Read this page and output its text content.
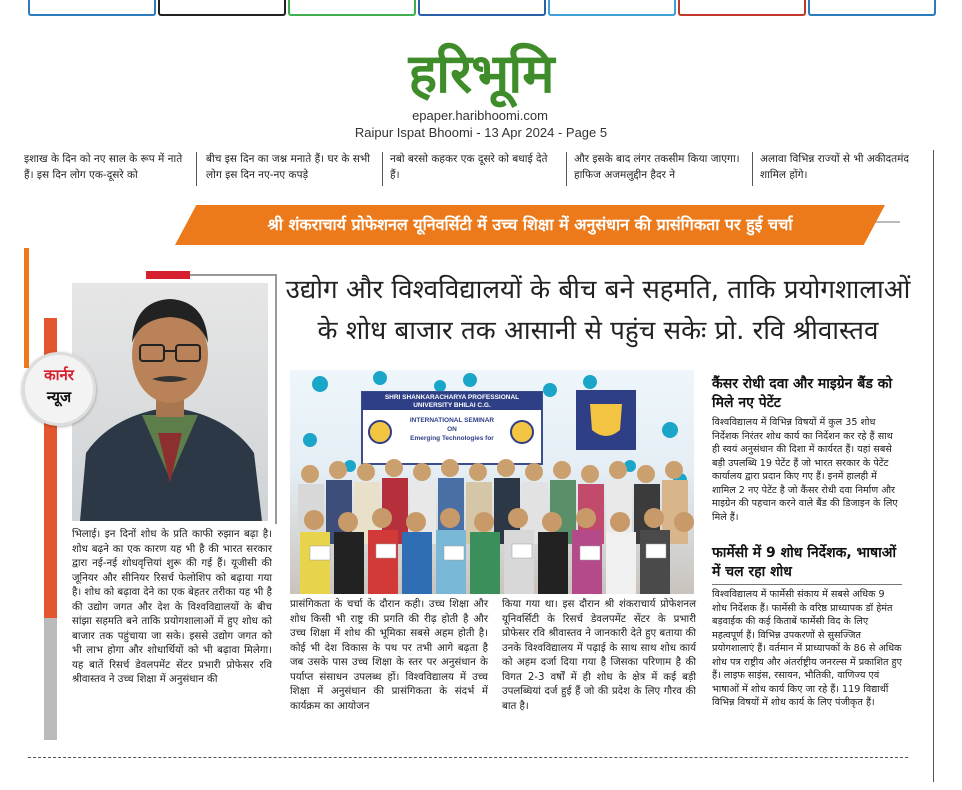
हरिभूमि
epaper.haribhoomi.com
Raipur Ispat Bhoomi - 13 Apr 2024 - Page 5
इशाख के दिन को नए साल के रूप में नाते हैं। इस दिन लोग एक-दूसरे को
बीच इस दिन का जश्न मनाते हैं। घर के सभी लोग इस दिन नए-नए कपड़े
नबो बरसो कहकर एक दूसरे को बधाई देते हैं।
और इसके बाद लंगर तकसीम किया जाएगा। हाफिज अजमलुद्दीन हैदर ने
अलावा विभिन्न राज्यों से भी अकीदतमंद शामिल होंगे।
श्री शंकराचार्य प्रोफेशनल यूनिवर्सिटी में उच्च शिक्षा में अनुसंधान की प्रासंगिकता पर हुई चर्चा
कार्नर
न्यूज
उद्योग और विश्वविद्यालयों के बीच बने सहमति, ताकि प्रयोगशालाओं
के शोध बाजार तक आसानी से पहुंच सकेः प्रो. रवि श्रीवास्तव
SHRI SHANKARACHARYA PROFESSIONAL
UNIVERSITY BHILAI C.G.
INTERNATIONAL SEMINAR
ON
Emerging Technologies for
भिलाई। इन दिनों शोध के प्रति काफी रुझान बढ़ा है। शोध बढ़ने का एक कारण यह भी है की भारत सरकार द्वारा नई-नई शोधवृत्तियां शुरू की गई हैं। यूजीसी की जूनियर और सीनियर रिसर्च फेलोशिप को बढ़ाया गया है। शोध को बढ़ावा देने का एक बेहतर तरीका यह भी है की उद्योग जगत और देश के विश्वविद्यालयों के बीच सांझा सहमति बने ताकि प्रयोगशालाओं में हुए शोध को बाजार तक पहुंचाया जा सके। इससे उद्योग जगत को भी लाभ होगा और शोधार्थियों को भी बढ़ावा मिलेगा। यह बातें रिसर्च डेवलपमेंट सेंटर प्रभारी प्रोफेसर रवि श्रीवास्तव ने उच्च शिक्षा में अनुसंधान की
प्रासंगिकता के चर्चा के दौरान कही। उच्च शिक्षा और शोध किसी भी राष्ट्र की प्रगति की रीढ़ होती है और उच्च शिक्षा में शोध की भूमिका सबसे अहम होती है। कोई भी देश विकास के पथ पर तभी आगे बढ़ता है जब उसके पास उच्च शिक्षा के स्तर पर अनुसंधान के पर्याप्त संसाधन उपलब्ध हों। विश्वविद्यालय में उच्च शिक्षा में अनुसंधान की प्रासंगिकता के संदर्भ में कार्यक्रम का आयोजन
किया गया था। इस दौरान श्री शंकराचार्य प्रोफेशनल यूनिवर्सिटी के रिसर्च डेवलपमेंट सेंटर के प्रभारी प्रोफेसर रवि श्रीवास्तव ने जानकारी देते हुए बताया की उनके विश्वविद्यालय में पढ़ाई के साथ साथ शोध कार्य को अहम दर्जा दिया गया है जिसका परिणाम है की विगत 2-3 वर्षों में ही शोध के क्षेत्र में कई बड़ी उपलब्धियां दर्ज हुई हैं जो की प्रदेश के लिए गौरव की बात है।
कैंसर रोधी दवा और माइग्रेन बैंड को मिले नए पेटेंट
विश्वविद्यालय में विभिन्न विषयों में कुल 35 शोध निर्देशक निरंतर शोध कार्य का निर्देशन कर रहे हैं साथ ही स्वयं अनुसंधान की दिशा में कार्यरत हैं। यहां सबसे बड़ी उपलब्धि 19 पेटेंट हैं जो भारत सरकार के पेटेंट कार्यालय द्वारा प्रदान किए गए हैं। इनमें हालही में शामिल 2 नए पेटेंट है जो कैंसर रोधी दवा निर्माण और माइग्रेन की पहचान करने वाले बैंड की डिजाइन के लिए मिले हैं।
फार्मेसी में 9 शोध निर्देशक, भाषाओं में चल रहा शोध
विश्वविद्यालय में फार्मेसी संकाय में सबसे अधिक 9 शोध निर्देशक हैं। फार्मेसी के वरिष्ठ प्राध्यापक डॉ हेमंत बड़वाईक की कई किताबें फार्मेसी विद के लिए महत्वपूर्ण हैं। विभिन्न उपकरणों से सुसज्जित प्रयोगशालाएं हैं। वर्तमान में प्राध्यापकों के 86 से अधिक शोध पत्र राष्ट्रीय और अंतर्राष्ट्रीय जनरल्स में प्रकाशित हुए हैं। लाइफ साइंस, रसायन, भौतिकी, वाणिज्य एवं भाषाओं में शोध कार्य किए जा रहे हैं। 119 विद्यार्थी विभिन्न विषयों में शोध कार्य के लिए पंजीकृत हैं।
